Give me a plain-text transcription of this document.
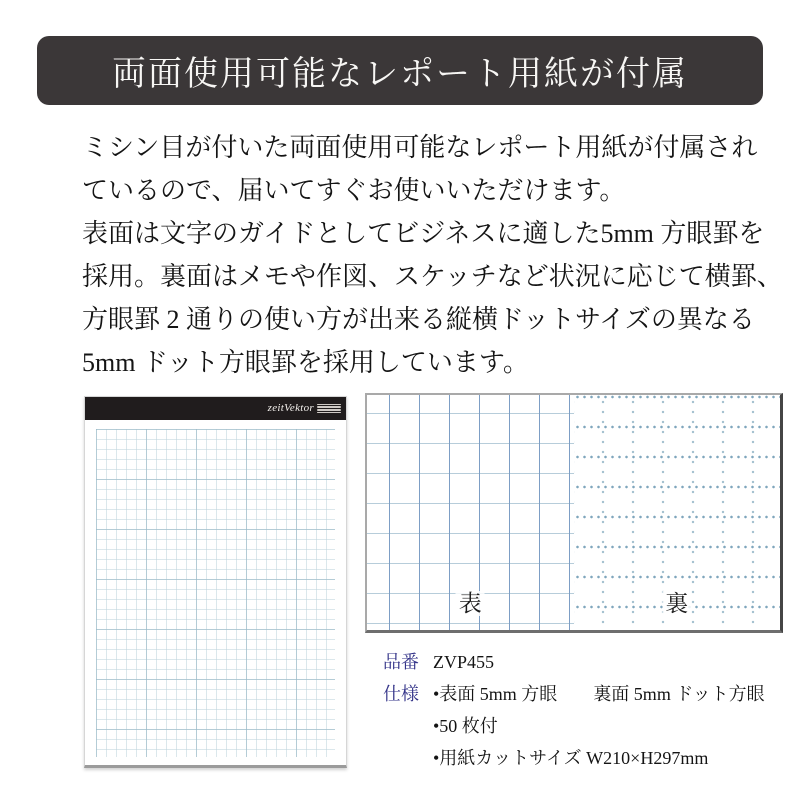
両面使用可能なレポート用紙が付属
ミシン目が付いた両面使用可能なレポート用紙が付属され
ているので、届いてすぐお使いいただけます。
表面は文字のガイドとしてビジネスに適した5mm 方眼罫を
採用。裏面はメモや作図、スケッチなど状況に応じて横罫、
方眼罫 2 通りの使い方が出来る縦横ドットサイズの異なる
5mm ドット方眼罫を採用しています。
zeitVektor
表	裏
品番 ZVP455
仕様 •表面 5mm 方眼 裏面 5mm ドット方眼
•50 枚付
•用紙カットサイズ W210×H297mm
